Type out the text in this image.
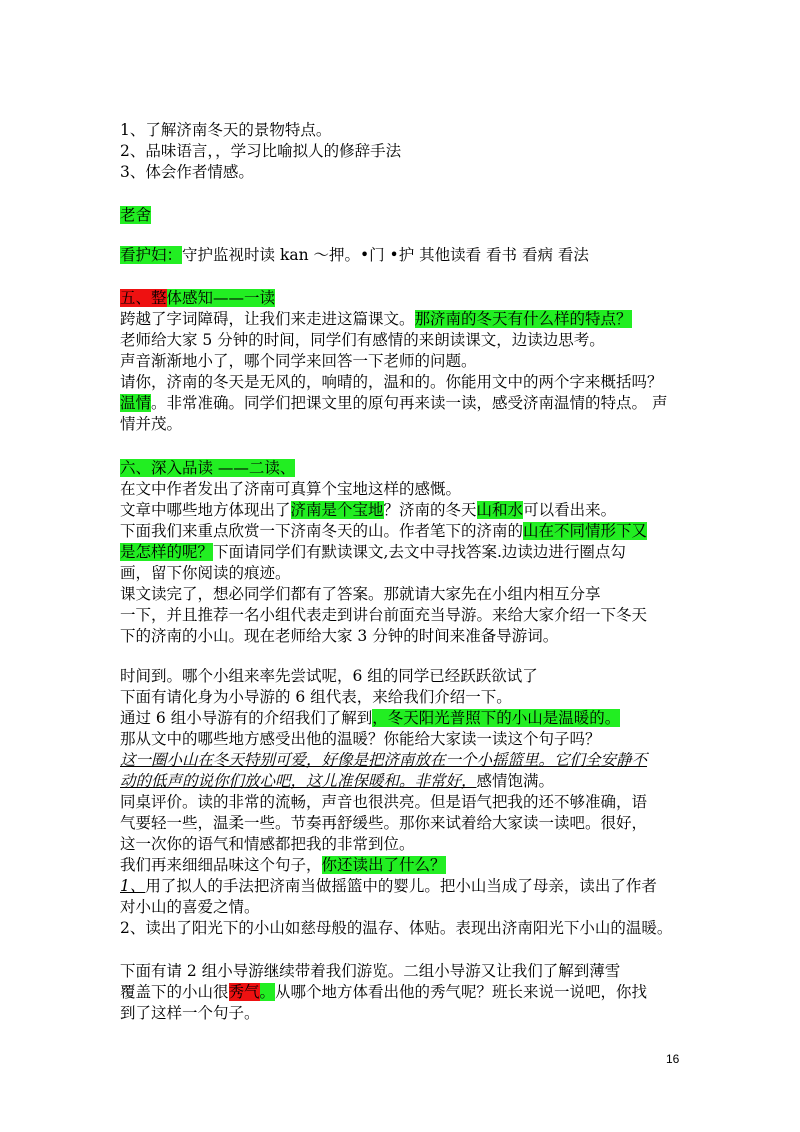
1、了解济南冬天的景物特点。
2、品味语言，，学习比喻拟人的修辞手法
3、体会作者情感。
老舍
看护妇：守护监视时读 kan ～押。•门 •护 其他读看 看书 看病 看法
五、整体感知——一读
跨越了字词障碍，让我们来走进这篇课文。那济南的冬天有什么样的特点？
老师给大家 5 分钟的时间，同学们有感情的来朗读课文，边读边思考。
声音渐渐地小了，哪个同学来回答一下老师的问题。
请你，济南的冬天是无风的，响晴的，温和的。你能用文中的两个字来概括吗？
温情。非常准确。同学们把课文里的原句再来读一读，感受济南温情的特点。 声
情并茂。
六、深入品读 ——二读、
在文中作者发出了济南可真算个宝地这样的感慨。
文章中哪些地方体现出了济南是个宝地？济南的冬天山和水可以看出来。
下面我们来重点欣赏一下济南冬天的山。作者笔下的济南的山在不同情形下又
是怎样的呢？下面请同学们有默读课文,去文中寻找答案.边读边进行圈点勾
画，留下你阅读的痕迹。
课文读完了，想必同学们都有了答案。那就请大家先在小组内相互分享
一下，并且推荐一名小组代表走到讲台前面充当导游。来给大家介绍一下冬天
下的济南的小山。现在老师给大家 3 分钟的时间来准备导游词。
时间到。哪个小组来率先尝试呢，6 组的同学已经跃跃欲试了
下面有请化身为小导游的 6 组代表，来给我们介绍一下。
通过 6 组小导游有的介绍我们了解到，冬天阳光普照下的小山是温暖的。
那从文中的哪些地方感受出他的温暖？你能给大家读一读这个句子吗？
这一圈小山在冬天特别可爱，好像是把济南放在一个小摇篮里。它们全安静不
动的低声的说你们放心吧，这儿准保暖和。非常好，感情饱满。
同桌评价。读的非常的流畅，声音也很洪亮。但是语气把我的还不够准确，语
气要轻一些，温柔一些。节奏再舒缓些。那你来试着给大家读一读吧。很好，
这一次你的语气和情感都把我的非常到位。
我们再来细细品味这个句子，你还读出了什么？
1、用了拟人的手法把济南当做摇篮中的婴儿。把小山当成了母亲，读出了作者
对小山的喜爱之情。
2、读出了阳光下的小山如慈母般的温存、体贴。表现出济南阳光下小山的温暖。
下面有请 2 组小导游继续带着我们游览。二组小导游又让我们了解到薄雪
覆盖下的小山很秀气。从哪个地方体看出他的秀气呢？班长来说一说吧，你找
到了这样一个句子。
16
